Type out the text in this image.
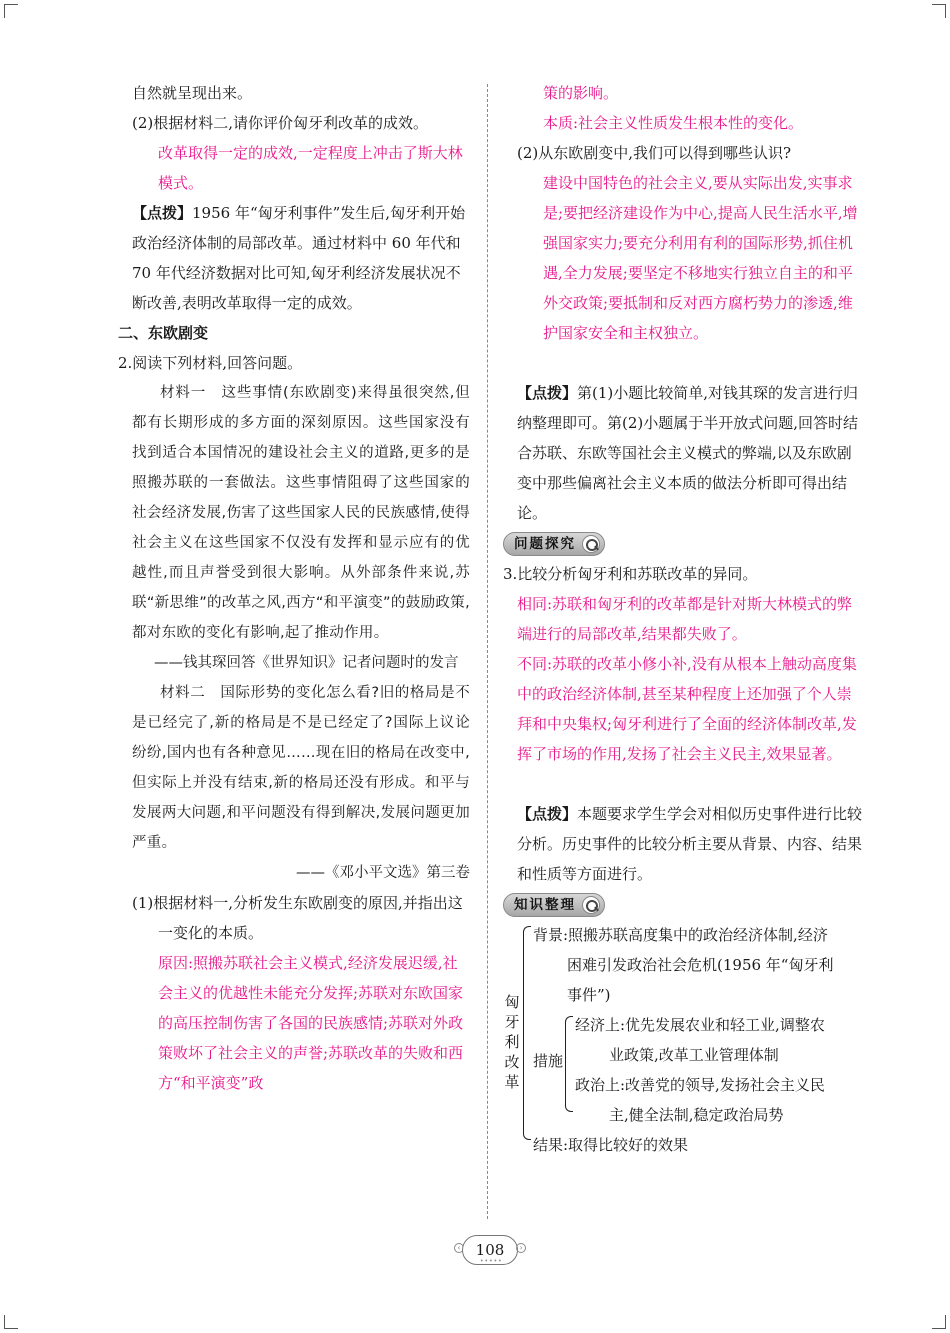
自然就呈现出来。

(2)根据材料二,请你评价匈牙利改革的成效。

改革取得一定的成效,一定程度上冲击了斯大林模式。

【点拨】1956 年“匈牙利事件”发生后,匈牙利开始政治经济体制的局部改革。通过材料中 60 年代和 70 年代经济数据对比可知,匈牙利经济发展状况不断改善,表明改革取得一定的成效。

二、东欧剧变

2.阅读下列材料,回答问题。

材料一　这些事情(东欧剧变)来得虽很突然,但都有长期形成的多方面的深刻原因。这些国家没有找到适合本国情况的建设社会主义的道路,更多的是照搬苏联的一套做法。这些事情阻碍了这些国家的社会经济发展,伤害了这些国家人民的民族感情,使得社会主义在这些国家不仅没有发挥和显示应有的优越性,而且声誉受到很大影响。从外部条件来说,苏联“新思维”的改革之风,西方“和平演变”的鼓励政策,都对东欧的变化有影响,起了推动作用。

——钱其琛回答《世界知识》记者问题时的发言

材料二　国际形势的变化怎么看?旧的格局是不是已经完了,新的格局是不是已经定了?国际上议论纷纷,国内也有各种意见……现在旧的格局在改变中,但实际上并没有结束,新的格局还没有形成。和平与发展两大问题,和平问题没有得到解决,发展问题更加严重。

——《邓小平文选》第三卷

(1)根据材料一,分析发生东欧剧变的原因,并指出这一变化的本质。

原因:照搬苏联社会主义模式,经济发展迟缓,社会主义的优越性未能充分发挥;苏联对东欧国家的高压控制伤害了各国的民族感情;苏联对外政策败坏了社会主义的声誉;苏联改革的失败和西方“和平演变”政

策的影响。

本质:社会主义性质发生根本性的变化。

(2)从东欧剧变中,我们可以得到哪些认识?

建设中国特色的社会主义,要从实际出发,实事求是;要把经济建设作为中心,提高人民生活水平,增强国家实力;要充分利用有利的国际形势,抓住机遇,全力发展;要坚定不移地实行独立自主的和平外交政策;要抵制和反对西方腐朽势力的渗透,维护国家安全和主权独立。

【点拨】第(1)小题比较简单,对钱其琛的发言进行归纳整理即可。第(2)小题属于半开放式问题,回答时结合苏联、东欧等国社会主义模式的弊端,以及东欧剧变中那些偏离社会主义本质的做法分析即可得出结论。

问题探究

3.比较分析匈牙利和苏联改革的异同。

相同:苏联和匈牙利的改革都是针对斯大林模式的弊端进行的局部改革,结果都失败了。

不同:苏联的改革小修小补,没有从根本上触动高度集中的政治经济体制,甚至某种程度上还加强了个人崇拜和中央集权;匈牙利进行了全面的经济体制改革,发挥了市场的作用,发扬了社会主义民主,效果显著。

【点拨】本题要求学生学会对相似历史事件进行比较分析。历史事件的比较分析主要从背景、内容、结果和性质等方面进行。

知识整理
匈牙利改革
背景:照搬苏联高度集中的政治经济体制,经济
困难引发政治社会危机(1956 年“匈牙利
事件”)
措施
经济上:优先发展农业和轻工业,调整农
业政策,改革工业管理体制
政治上:改善党的领导,发扬社会主义民
主,健全法制,稳定政治局势
结果:取得比较好的效果
‹	108	›
•••••
